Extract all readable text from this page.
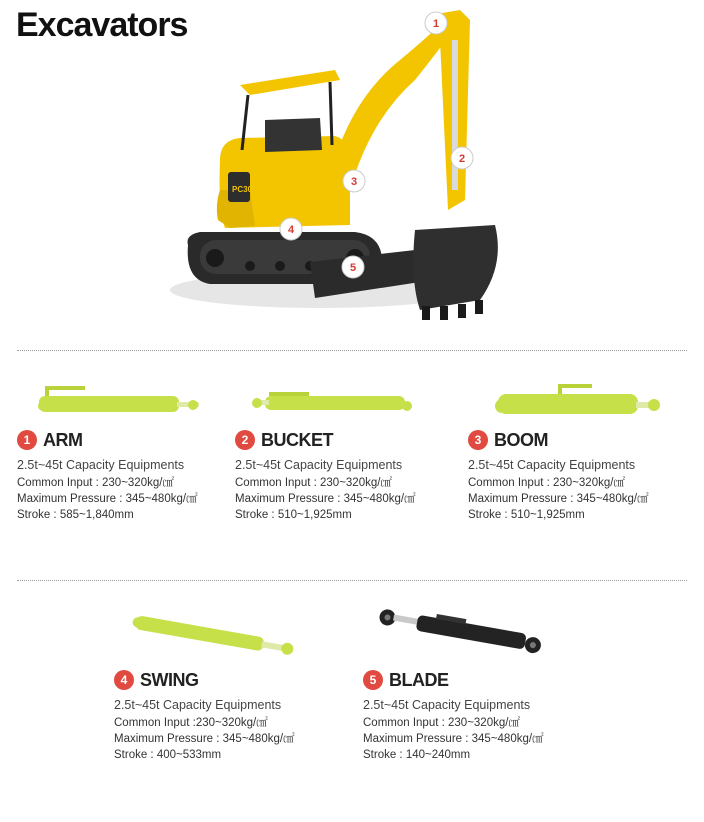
Excavators
PC30
1
2
3
4
5
1 ARM
2.5t~45t Capacity Equipments
Common Input : 230~320kg/㎠
Maximum Pressure : 345~480kg/㎠
Stroke : 585~1,840mm
2 BUCKET
2.5t~45t Capacity Equipments
Common Input : 230~320kg/㎠
Maximum Pressure : 345~480kg/㎠
Stroke : 510~1,925mm
3 BOOM
2.5t~45t Capacity Equipments
Common Input : 230~320kg/㎠
Maximum Pressure : 345~480kg/㎠
Stroke : 510~1,925mm
4 SWING
2.5t~45t Capacity Equipments
Common Input :230~320kg/㎠
Maximum Pressure : 345~480kg/㎠
Stroke : 400~533mm
5 BLADE
2.5t~45t Capacity Equipments
Common Input : 230~320kg/㎠
Maximum Pressure : 345~480kg/㎠
Stroke : 140~240mm
